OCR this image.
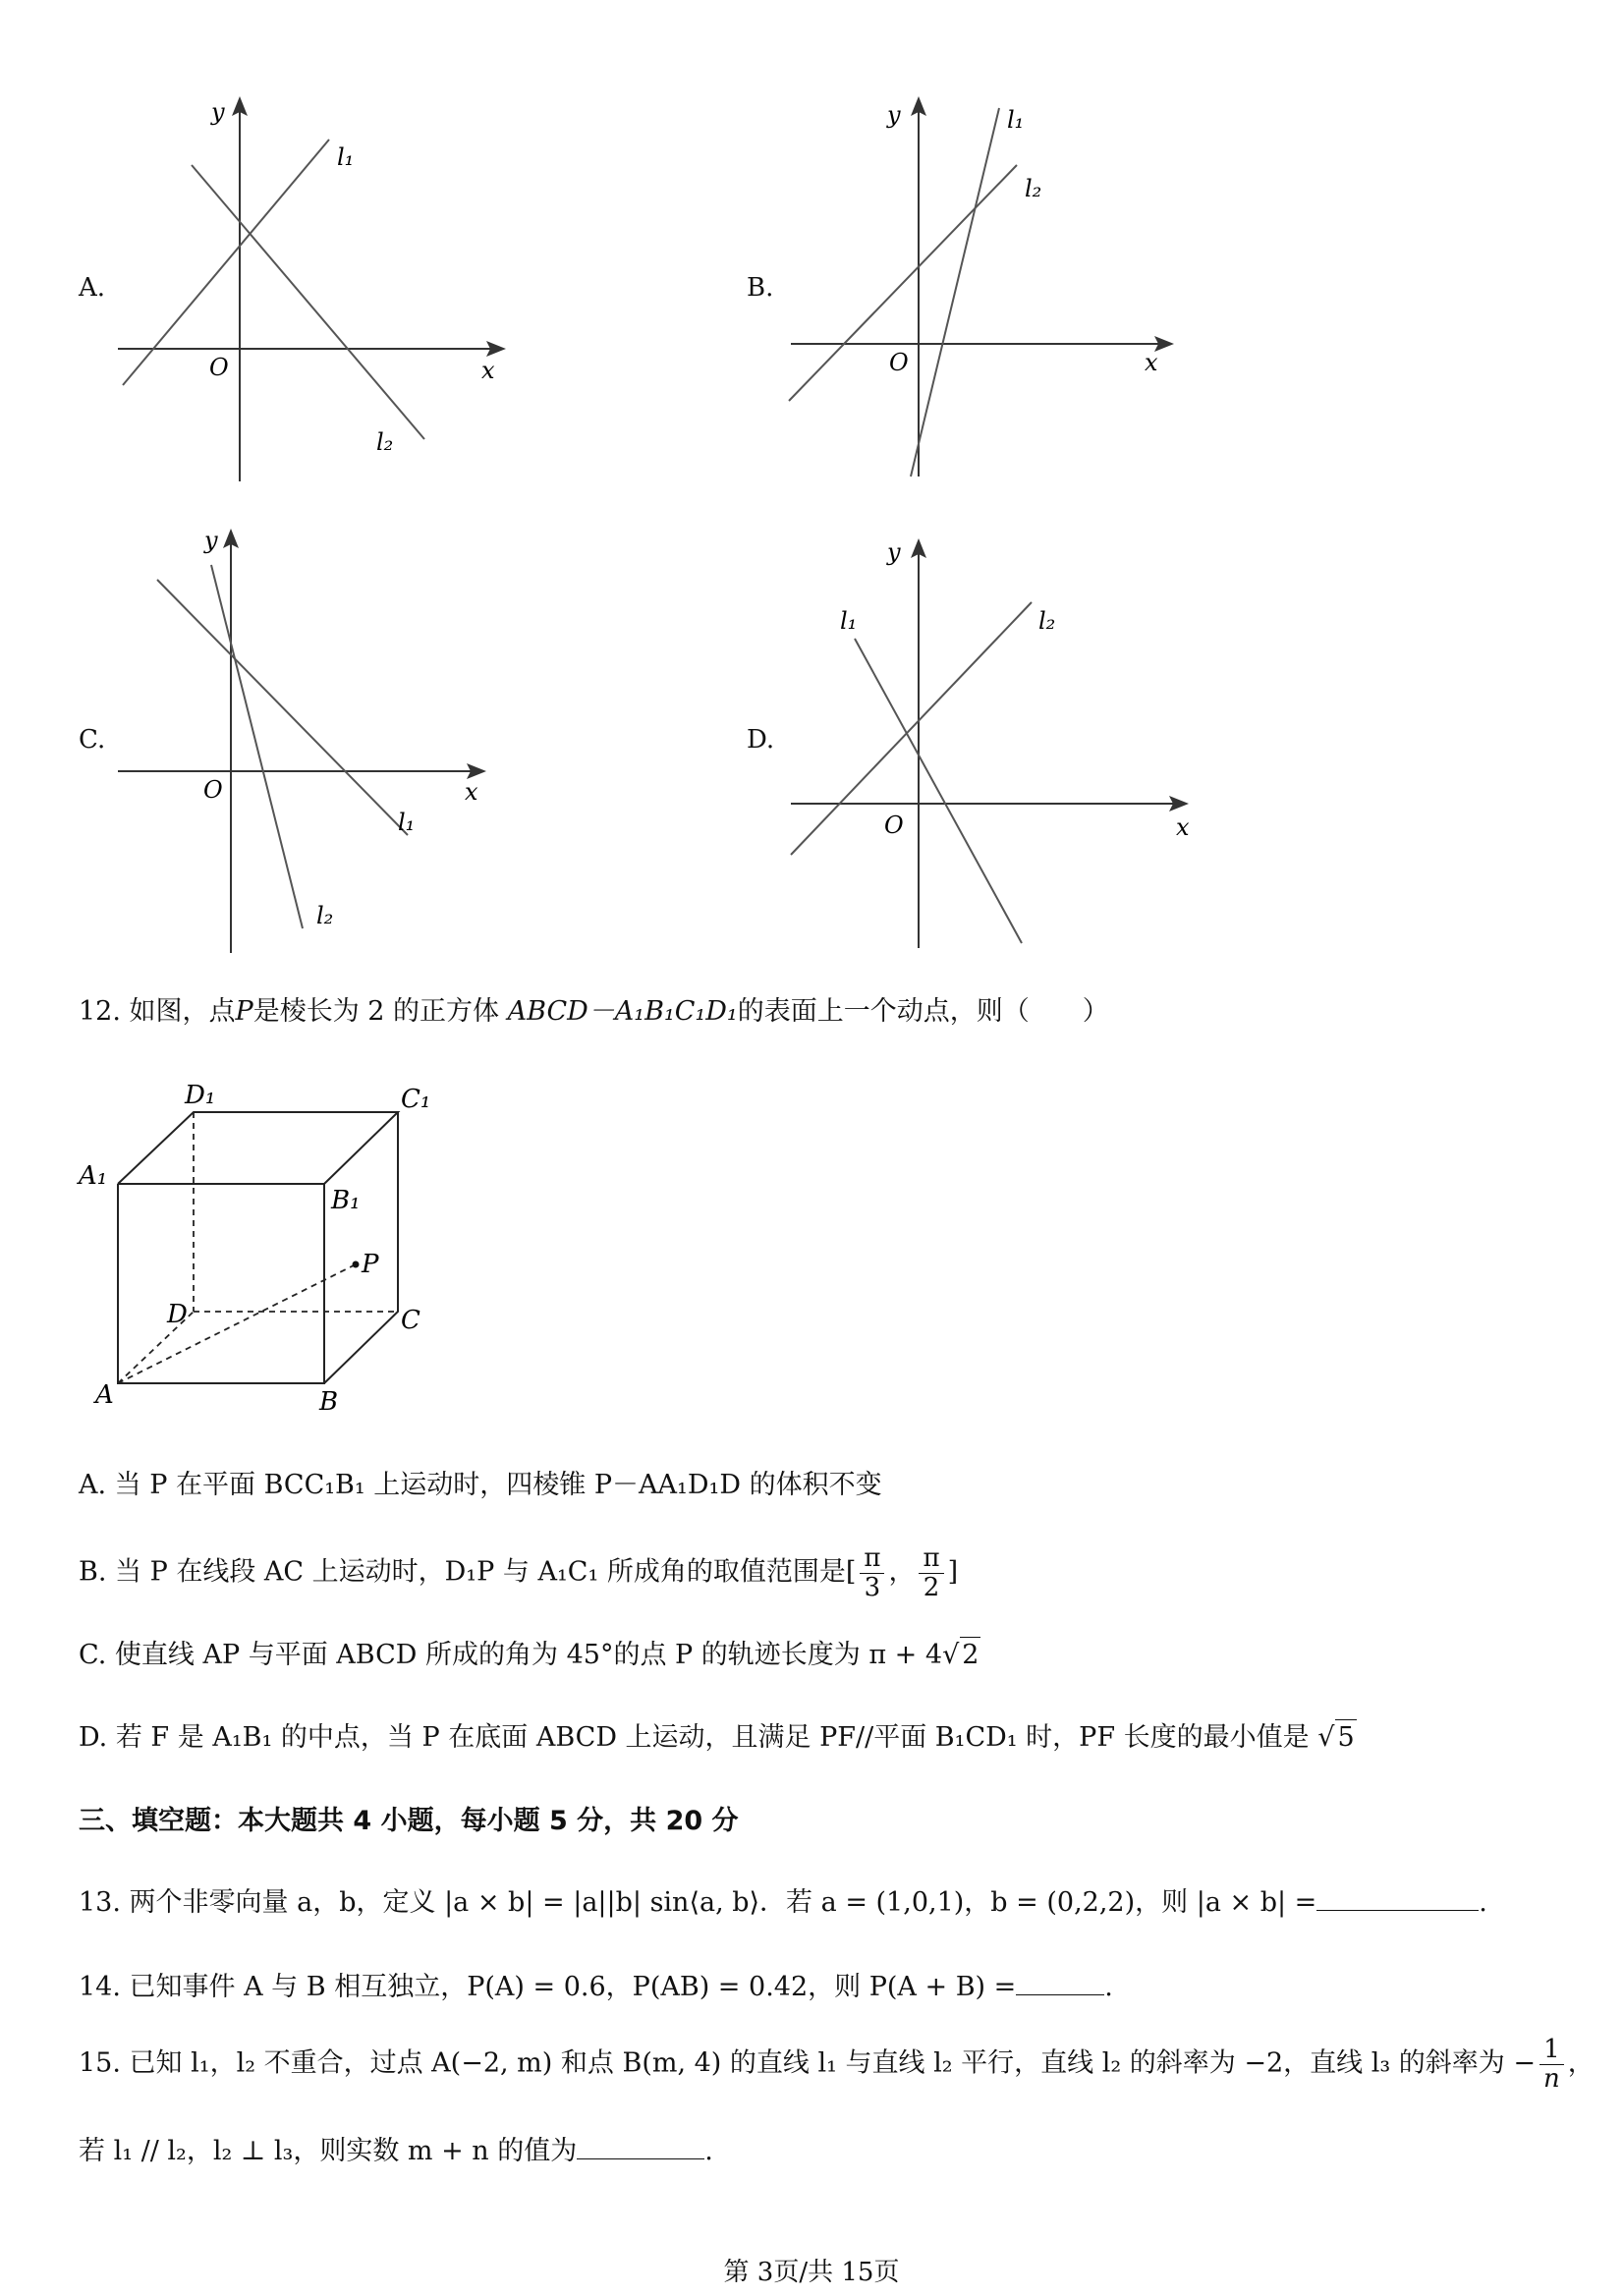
A.
y
x
O
l₁
l₂
B.
y
x
O
l₁
l₂
C.
y
x
O
l₁
l₂
D.
y
x
O
l₁	l₂
12. 如图，点P是棱长为 2 的正方体 ABCD－A₁B₁C₁D₁的表面上一个动点，则（　　）
D₁	C₁
A₁
B₁
P
D	C
A	B
A. 当 P 在平面 BCC₁B₁ 上运动时，四棱锥 P－AA₁D₁D 的体积不变
B. 当 P 在线段 AC 上运动时，D₁P 与 A₁C₁ 所成角的取值范围是[ $\frac{\pi}{3}$ ， $\frac{\pi}{2}$ ]
C. 使直线 AP 与平面 ABCD 所成的角为 45°的点 P 的轨迹长度为 π + 4√ 2
D. 若 F 是 A₁B₁ 的中点，当 P 在底面 ABCD 上运动，且满足 PF//平面 B₁CD₁ 时，PF 长度的最小值是 √ 5
三、填空题：本大题共 4 小题，每小题 5 分，共 20 分
13. 两个非零向量 a，b，定义 |a × b| = |a||b| sin⟨a, b⟩．若 a = (1,0,1)，b = (0,2,2)，则 |a × b| =	.
14. 已知事件 A 与 B 相互独立，P(A) = 0.6，P(AB) = 0.42，则 P(A + B) =	.
15. 已知 l₁，l₂ 不重合，过点 A(−2, m) 和点 B(m, 4) 的直线 l₁ 与直线 l₂ 平行，直线 l₂ 的斜率为 −2，直线 l₃ 的斜率为 − $\frac{1}{n}$ ，
若 l₁ // l₂，l₂ ⊥ l₃，则实数 m + n 的值为	.
第 3页/共 15页
